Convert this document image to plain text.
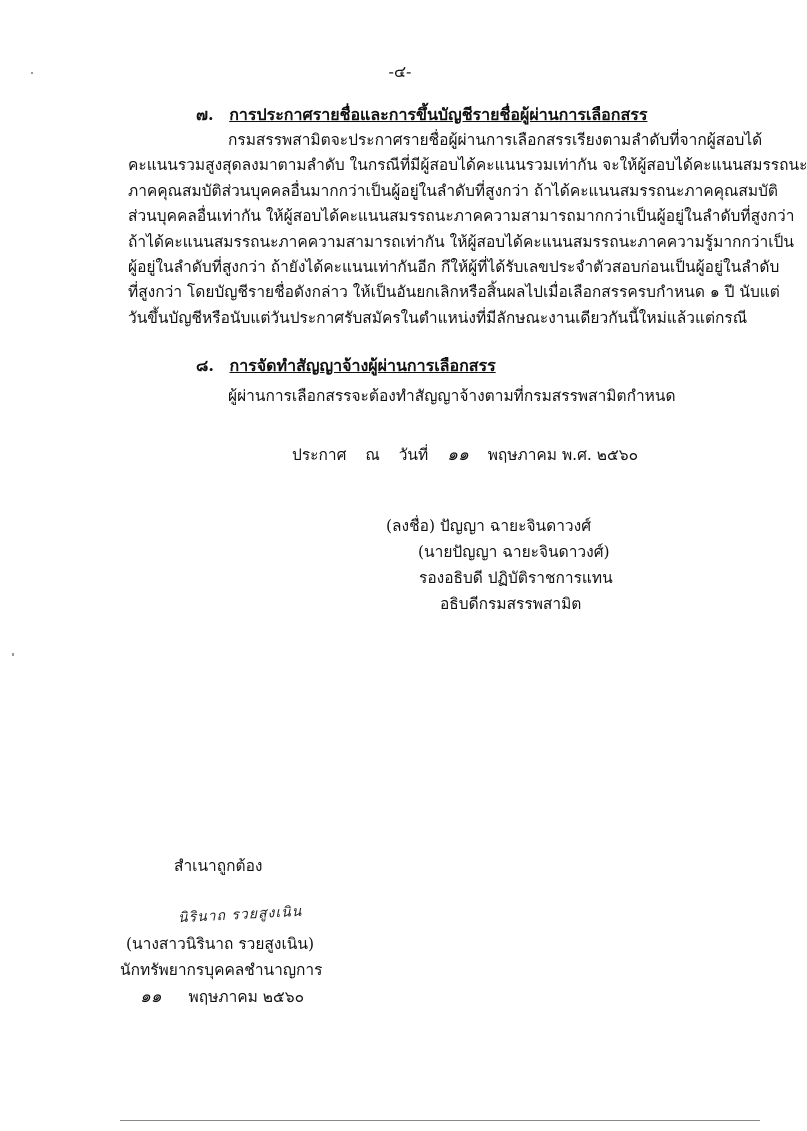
-๔-
๗. การประกาศรายชื่อและการขึ้นบัญชีรายชื่อผู้ผ่านการเลือกสรร
กรมสรรพสามิตจะประกาศรายชื่อผู้ผ่านการเลือกสรรเรียงตามลำดับที่จากผู้สอบได้
คะแนนรวมสูงสุดลงมาตามลำดับ ในกรณีที่มีผู้สอบได้คะแนนรวมเท่ากัน จะให้ผู้สอบได้คะแนนสมรรถนะ
ภาคคุณสมบัติส่วนบุคคลอื่นมากกว่าเป็นผู้อยู่ในลำดับที่สูงกว่า ถ้าได้คะแนนสมรรถนะภาคคุณสมบัติ
ส่วนบุคคลอื่นเท่ากัน ให้ผู้สอบได้คะแนนสมรรถนะภาคความสามารถมากกว่าเป็นผู้อยู่ในลำดับที่สูงกว่า
ถ้าได้คะแนนสมรรถนะภาคความสามารถเท่ากัน ให้ผู้สอบได้คะแนนสมรรถนะภาคความรู้มากกว่าเป็น
ผู้อยู่ในลำดับที่สูงกว่า ถ้ายังได้คะแนนเท่ากันอีก กึให้ผู้ที่ได้รับเลขประจำตัวสอบก่อนเป็นผู้อยู่ในลำดับ
ที่สูงกว่า โดยบัญชีรายชื่อดังกล่าว ให้เป็นอันยกเลิกหรือสิ้นผลไปเมื่อเลือกสรรครบกำหนด ๑ ปี นับแต่
วันขึ้นบัญชีหรือนับแต่วันประกาศรับสมัครในตำแหน่งที่มีลักษณะงานเดียวกันนี้ใหม่แล้วแต่กรณี
๘. การจัดทำสัญญาจ้างผู้ผ่านการเลือกสรร
ผู้ผ่านการเลือกสรรจะต้องทำสัญญาจ้างตามที่กรมสรรพสามิตกำหนด
ประกาศ ณ วันที่ ๑๑ พฤษภาคม พ.ศ. ๒๕๖๐
(ลงชื่อ) ปัญญา ฉายะจินดาวงศ์
(นายปัญญา ฉายะจินดาวงศ์)
รองอธิบดี ปฏิบัติราชการแทน
อธิบดีกรมสรรพสามิต
สำเนาถูกต้อง
นิรินาถ รวยสูงเนิน
(นางสาวนิรินาถ รวยสูงเนิน)
นักทรัพยากรบุคคลชำนาญการ
๑๑ พฤษภาคม ๒๕๖๐
